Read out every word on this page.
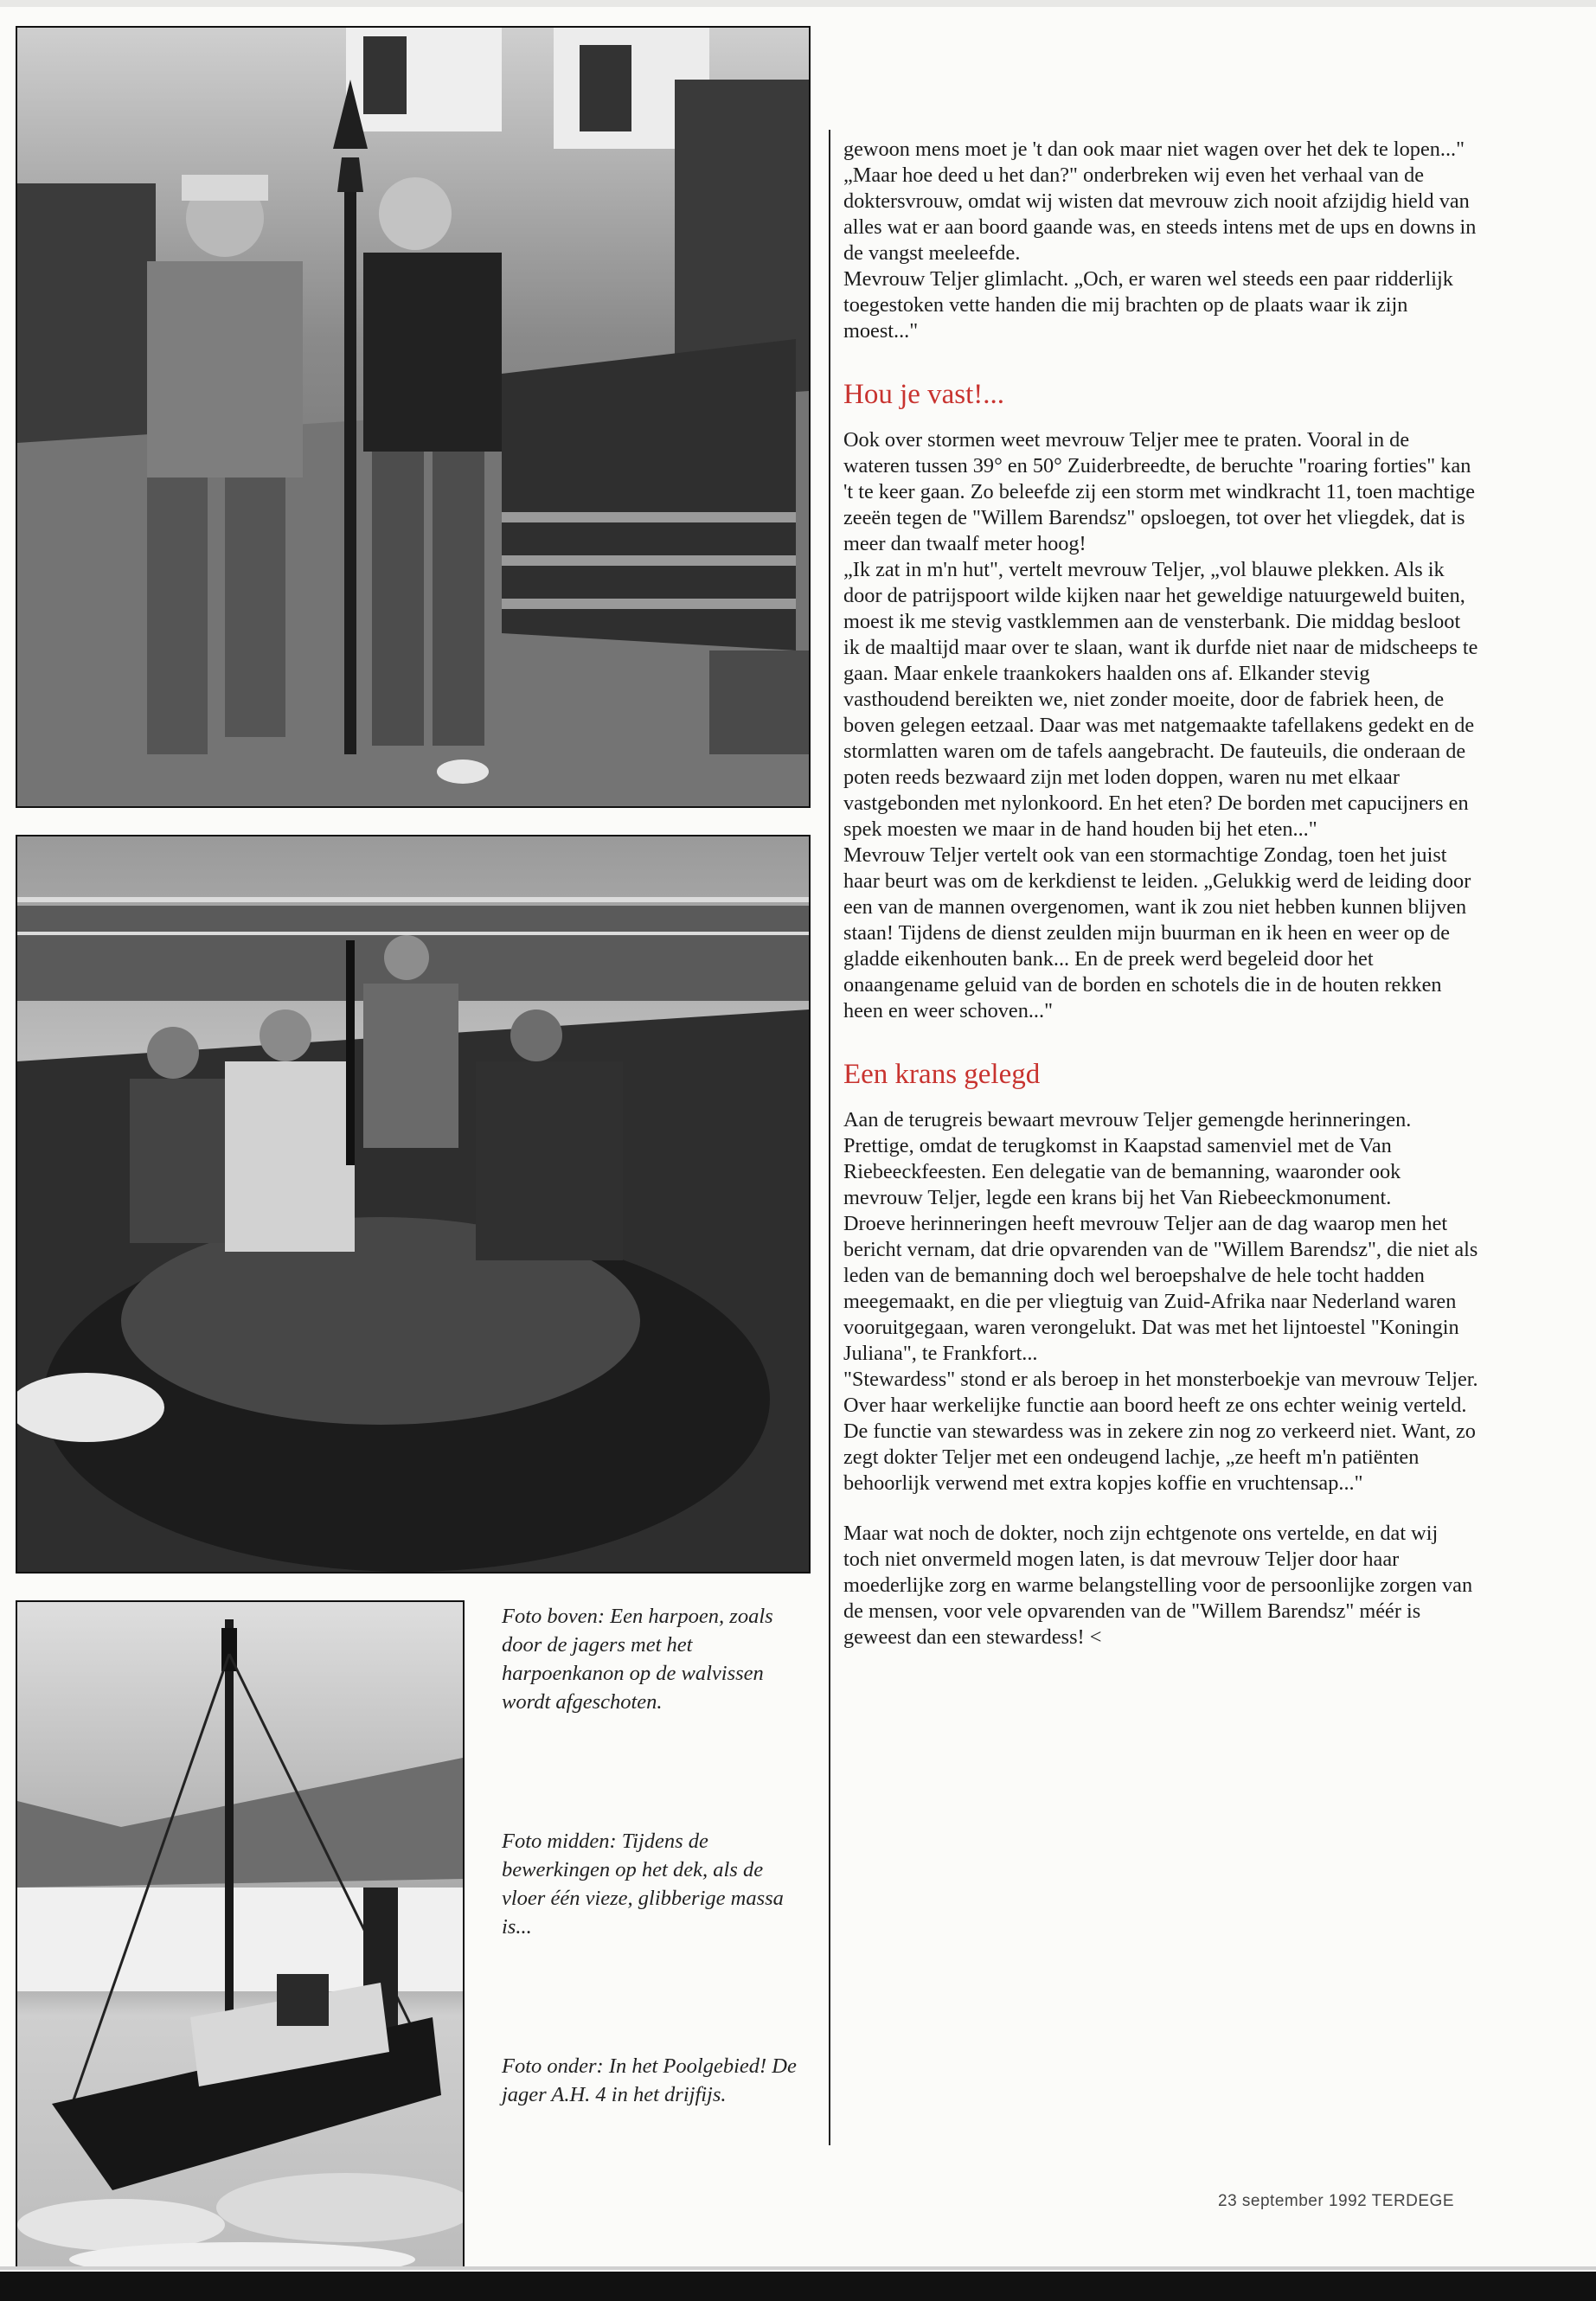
Foto boven: Een harpoen, zoals door de jagers met het harpoenkanon op de walvissen wordt afgeschoten.

Foto midden: Tijdens de bewerkingen op het dek, als de vloer één vieze, glibberige massa is...

Foto onder: In het Poolgebied! De jager A.H. 4 in het drijfijs.

gewoon mens moet je 't dan ook maar niet wagen over het dek te lopen..."

„Maar hoe deed u het dan?" onderbreken wij even het verhaal van de doktersvrouw, omdat wij wisten dat mevrouw zich nooit afzijdig hield van alles wat er aan boord gaande was, en steeds intens met de ups en downs in de vangst meeleefde.

Mevrouw Teljer glimlacht. „Och, er waren wel steeds een paar ridderlijk toegestoken vette handen die mij brachten op de plaats waar ik zijn moest..."

Hou je vast!...

Ook over stormen weet mevrouw Teljer mee te praten. Vooral in de wateren tussen 39° en 50° Zuiderbreedte, de beruchte "roaring forties" kan 't te keer gaan. Zo beleefde zij een storm met windkracht 11, toen machtige zeeën tegen de "Willem Barendsz" opsloegen, tot over het vliegdek, dat is meer dan twaalf meter hoog!

„Ik zat in m'n hut", vertelt mevrouw Teljer, „vol blauwe plekken. Als ik door de patrijspoort wilde kijken naar het geweldige natuurgeweld buiten, moest ik me stevig vastklemmen aan de vensterbank. Die middag besloot ik de maaltijd maar over te slaan, want ik durfde niet naar de midscheeps te gaan. Maar enkele traankokers haalden ons af. Elkander stevig vasthoudend bereikten we, niet zonder moeite, door de fabriek heen, de boven gelegen eetzaal. Daar was met natgemaakte tafellakens gedekt en de stormlatten waren om de tafels aangebracht. De fauteuils, die onderaan de poten reeds bezwaard zijn met loden doppen, waren nu met elkaar vastgebonden met nylonkoord. En het eten? De borden met capucijners en spek moesten we maar in de hand houden bij het eten..."

Mevrouw Teljer vertelt ook van een stormachtige Zondag, toen het juist haar beurt was om de kerkdienst te leiden. „Gelukkig werd de leiding door een van de mannen overgenomen, want ik zou niet hebben kunnen blijven staan! Tijdens de dienst zeulden mijn buurman en ik heen en weer op de gladde eikenhouten bank... En de preek werd begeleid door het onaangename geluid van de borden en schotels die in de houten rekken heen en weer schoven..."

Een krans gelegd

Aan de terugreis bewaart mevrouw Teljer gemengde herinneringen. Prettige, omdat de terugkomst in Kaapstad samenviel met de Van Riebeeckfeesten. Een delegatie van de bemanning, waaronder ook mevrouw Teljer, legde een krans bij het Van Riebeeckmonument.

Droeve herinneringen heeft mevrouw Teljer aan de dag waarop men het bericht vernam, dat drie opvarenden van de "Willem Barendsz", die niet als leden van de bemanning doch wel beroepshalve de hele tocht hadden meegemaakt, en die per vliegtuig van Zuid-Afrika naar Nederland waren vooruitgegaan, waren verongelukt. Dat was met het lijntoestel "Koningin Juliana", te Frankfort...

"Stewardess" stond er als beroep in het monsterboekje van mevrouw Teljer. Over haar werkelijke functie aan boord heeft ze ons echter weinig verteld. De functie van stewardess was in zekere zin nog zo verkeerd niet. Want, zo zegt dokter Teljer met een ondeugend lachje, „ze heeft m'n patiënten behoorlijk verwend met extra kopjes koffie en vruchtensap..."

Maar wat noch de dokter, noch zijn echtgenote ons vertelde, en dat wij toch niet onvermeld mogen laten, is dat mevrouw Teljer door haar moederlijke zorg en warme belangstelling voor de persoonlijke zorgen van de mensen, voor vele opvarenden van de "Willem Barendsz" méér is geweest dan een stewardess! <

23 september 1992 TERDEGE
